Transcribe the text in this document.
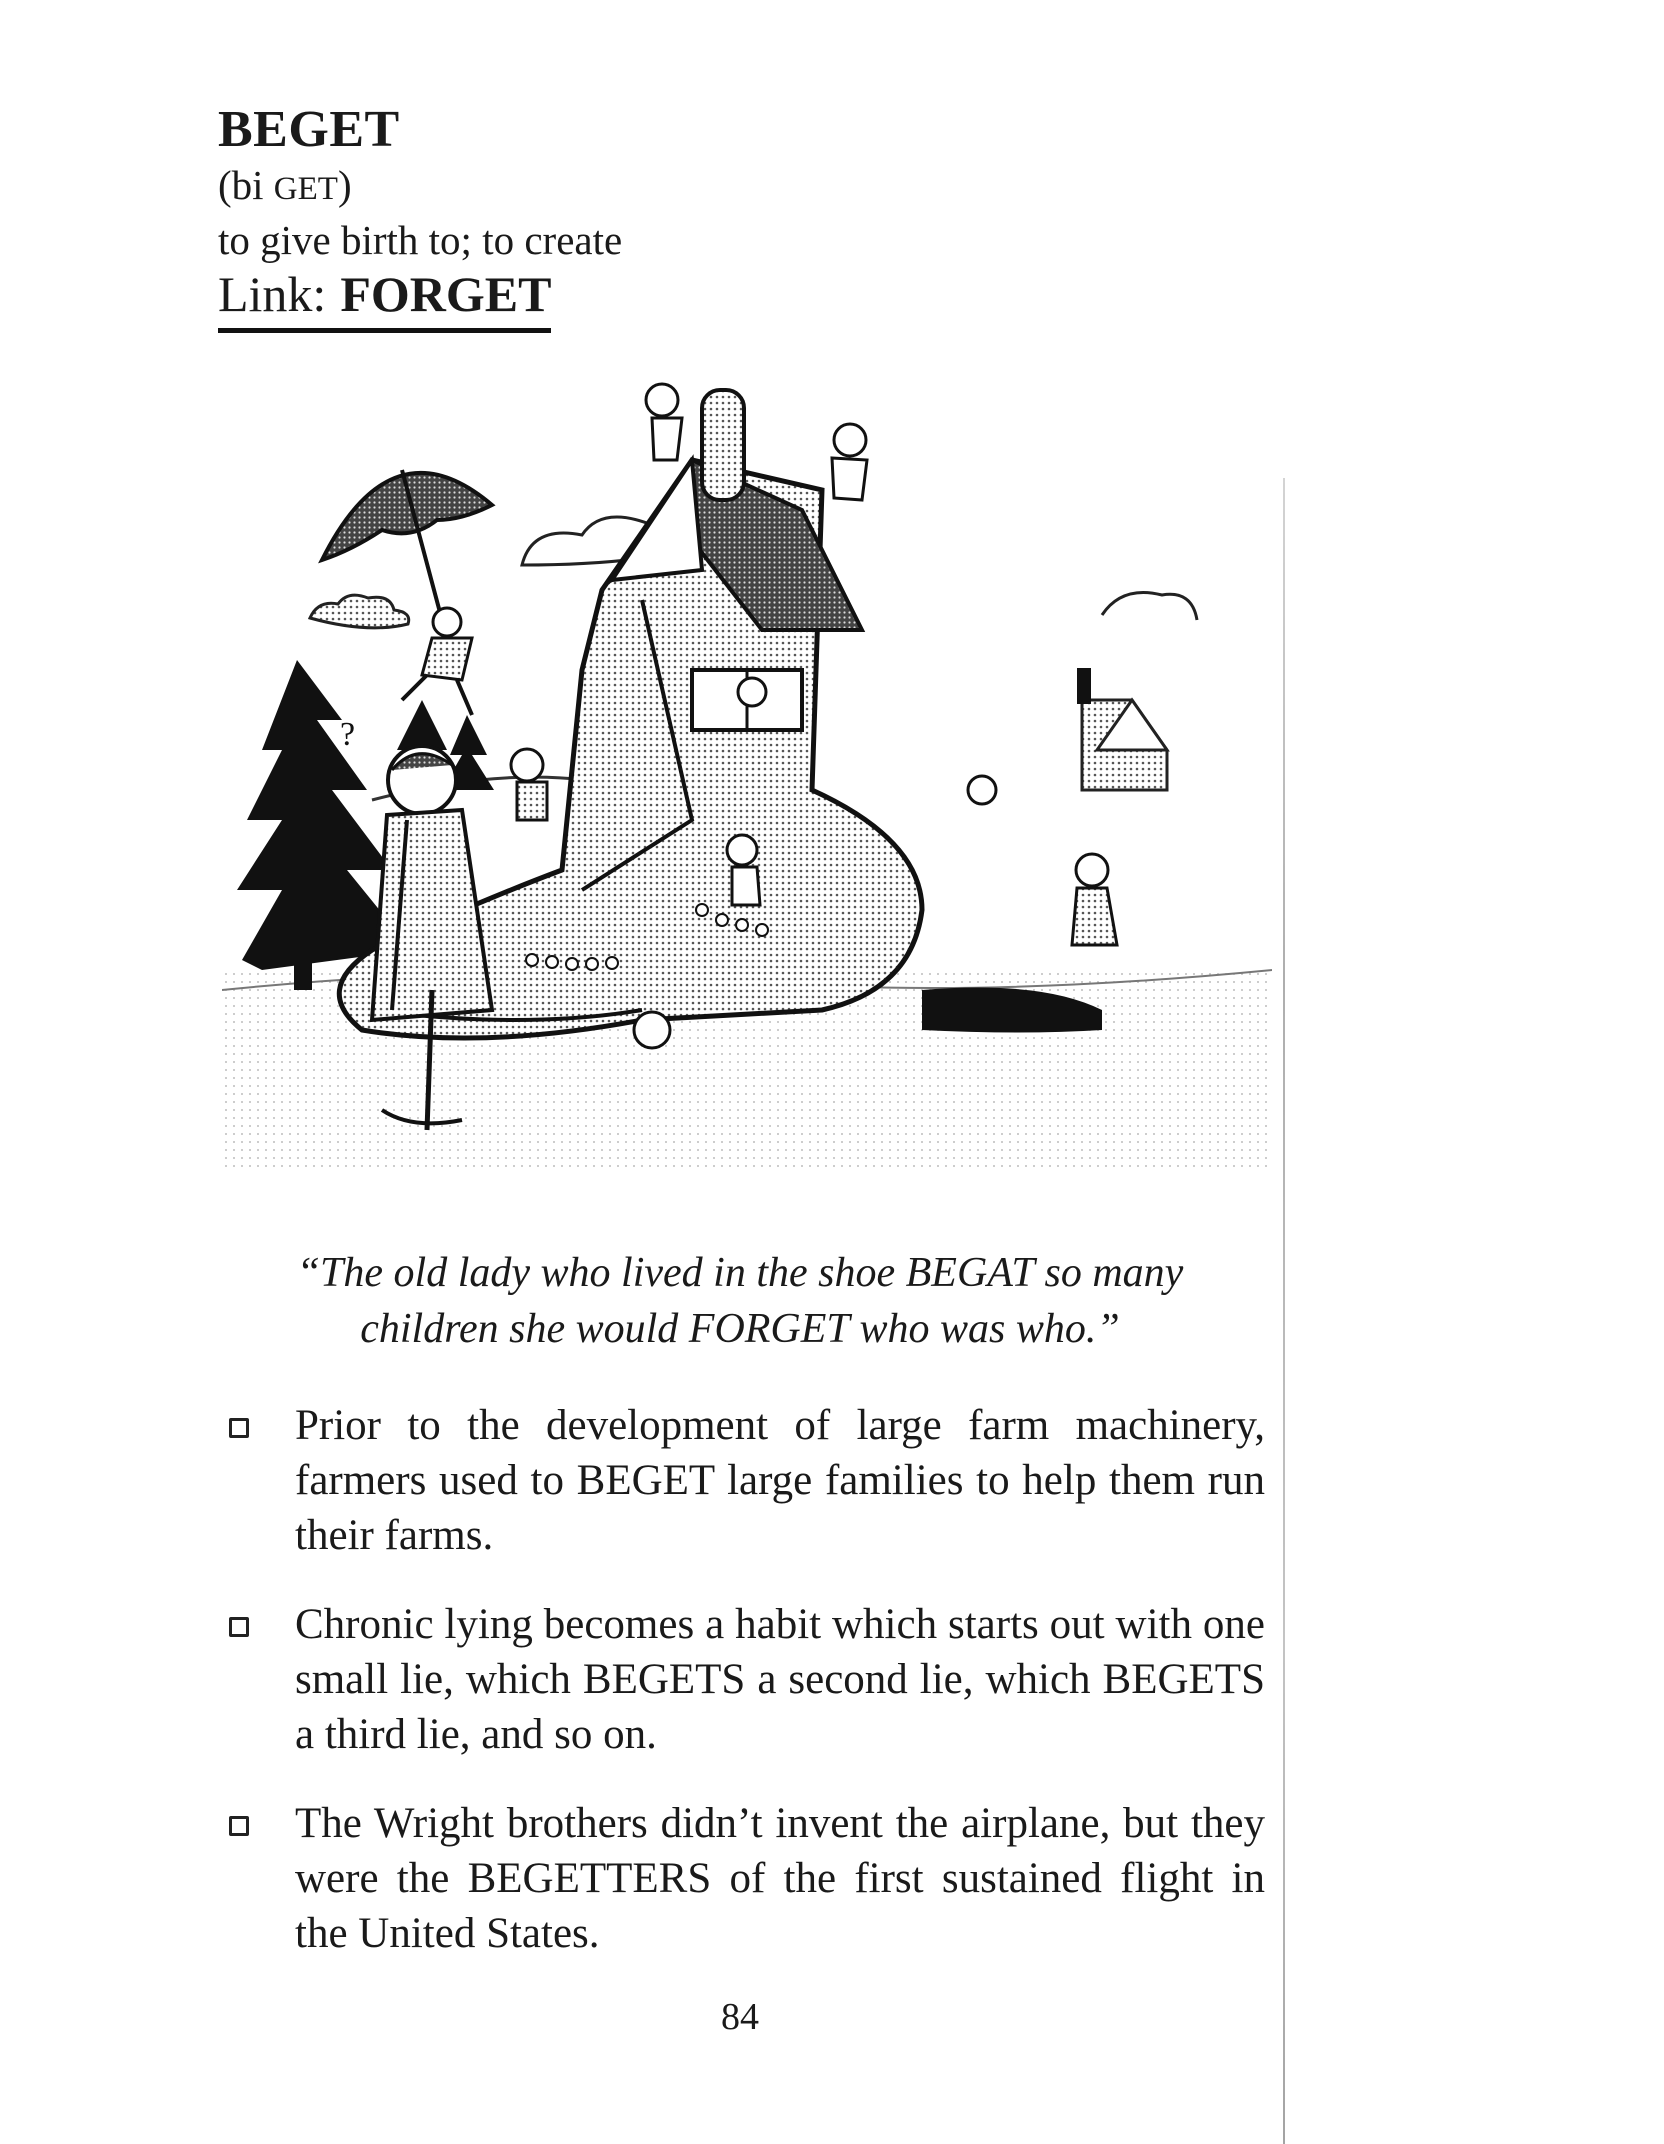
BEGET
(bi GET)
to give birth to; to create
Link: FORGET
?
“The old lady who lived in the shoe BEGAT so many
children she would FORGET who was who.”
Prior to the development of large farm machinery, farmers used to BEGET large families to help them run their farms.
Chronic lying becomes a habit which starts out with one small lie, which BEGETS a second lie, which BEGETS a third lie, and so on.
The Wright brothers didn’t invent the airplane, but they were the BEGETTERS of the first sustained flight in the United States.
84
